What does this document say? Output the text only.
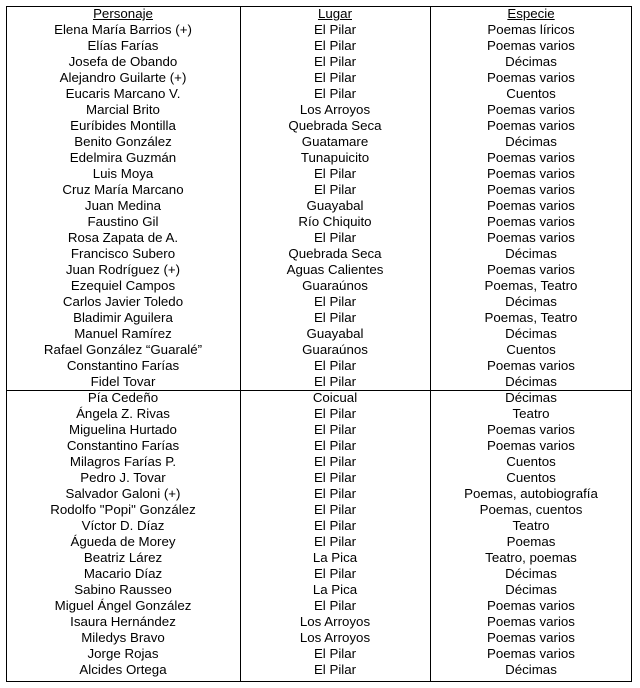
Personaje	Lugar	Especie
Elena María Barrios (+)	El Pilar	Poemas líricos
Elías Farías	El Pilar	Poemas varios
Josefa de Obando	El Pilar	Décimas
Alejandro Guilarte (+)	El Pilar	Poemas varios
Eucaris Marcano V.	El Pilar	Cuentos
Marcial Brito	Los Arroyos	Poemas varios
Euríbides Montilla	Quebrada Seca	Poemas varios
Benito González	Guatamare	Décimas
Edelmira Guzmán	Tunapuicito	Poemas varios
Luis Moya	El Pilar	Poemas varios
Cruz María Marcano	El Pilar	Poemas varios
Juan Medina	Guayabal	Poemas varios
Faustino Gil	Río Chiquito	Poemas varios
Rosa Zapata de A.	El Pilar	Poemas varios
Francisco Subero	Quebrada Seca	Décimas
Juan Rodríguez (+)	Aguas Calientes	Poemas varios
Ezequiel Campos	Guaraúnos	Poemas, Teatro
Carlos Javier Toledo	El Pilar	Décimas
Bladimir Aguilera	El Pilar	Poemas, Teatro
Manuel Ramírez	Guayabal	Décimas
Rafael González “Guaralé”	Guaraúnos	Cuentos
Constantino Farías	El Pilar	Poemas varios
Fidel Tovar	El Pilar	Décimas
Pía Cedeño	Coicual	Décimas
Ángela Z. Rivas	El Pilar	Teatro
Miguelina Hurtado	El Pilar	Poemas varios
Constantino Farías	El Pilar	Poemas varios
Milagros Farías P.	El Pilar	Cuentos
Pedro J. Tovar	El Pilar	Cuentos
Salvador Galoni (+)	El Pilar	Poemas, autobiografía
Rodolfo "Popi" González	El Pilar	Poemas, cuentos
Víctor D. Díaz	El Pilar	Teatro
Águeda de Morey	El Pilar	Poemas
Beatriz Lárez	La Pica	Teatro, poemas
Macario Díaz	El Pilar	Décimas
Sabino Rausseo	La Pica	Décimas
Miguel Ángel González	El Pilar	Poemas varios
Isaura Hernández	Los Arroyos	Poemas varios
Miledys Bravo	Los Arroyos	Poemas varios
Jorge Rojas	El Pilar	Poemas varios
Alcides Ortega	El Pilar	Décimas
